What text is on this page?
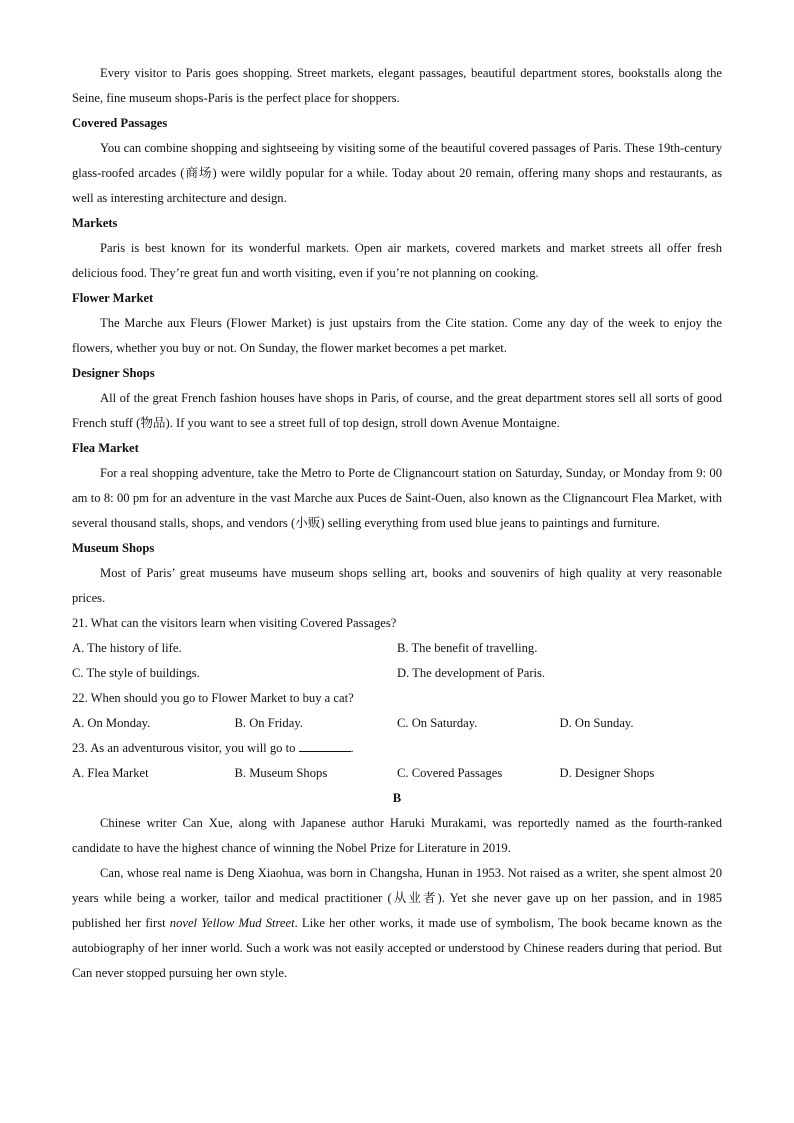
Every visitor to Paris goes shopping. Street markets, elegant passages, beautiful department stores, bookstalls along the Seine, fine museum shops-Paris is the perfect place for shoppers.

Covered Passages

You can combine shopping and sightseeing by visiting some of the beautiful covered passages of Paris. These 19th-century glass-roofed arcades (商场) were wildly popular for a while. Today about 20 remain, offering many shops and restaurants, as well as interesting architecture and design.

Markets

Paris is best known for its wonderful markets. Open air markets, covered markets and market streets all offer fresh delicious food. They’re great fun and worth visiting, even if you’re not planning on cooking.

Flower Market

The Marche aux Fleurs (Flower Market) is just upstairs from the Cite station. Come any day of the week to enjoy the flowers, whether you buy or not. On Sunday, the flower market becomes a pet market.

Designer Shops

All of the great French fashion houses have shops in Paris, of course, and the great department stores sell all sorts of good French stuff (物品). If you want to see a street full of top design, stroll down Avenue Montaigne.

Flea Market

For a real shopping adventure, take the Metro to Porte de Clignancourt station on Saturday, Sunday, or Monday from 9: 00 am to 8: 00 pm for an adventure in the vast Marche aux Puces de Saint-Ouen, also known as the Clignancourt Flea Market, with several thousand stalls, shops, and vendors (小贩) selling everything from used blue jeans to paintings and furniture.

Museum Shops

Most of Paris’ great museums have museum shops selling art, books and souvenirs of high quality at very reasonable prices.

21. What can the visitors learn when visiting Covered Passages?
A. The history of life.	B. The benefit of travelling.
C. The style of buildings.	D. The development of Paris.
22. When should you go to Flower Market to buy a cat?
A. On Monday.	B. On Friday.	C. On Saturday.	D. On Sunday.
23. As an adventurous visitor, you will go to	.
A. Flea Market	B. Museum Shops	C. Covered Passages	D. Designer Shops
B

Chinese writer Can Xue, along with Japanese author Haruki Murakami, was reportedly named as the fourth-ranked candidate to have the highest chance of winning the Nobel Prize for Literature in 2019.

Can, whose real name is Deng Xiaohua, was born in Changsha, Hunan in 1953. Not raised as a writer, she spent almost 20 years while being a worker, tailor and medical practitioner (从业者). Yet she never gave up on her passion, and in 1985 published her first novel Yellow Mud Street. Like her other works, it made use of symbolism, The book became known as the autobiography of her inner world. Such a work was not easily accepted or understood by Chinese readers during that period. But Can never stopped pursuing her own style.
